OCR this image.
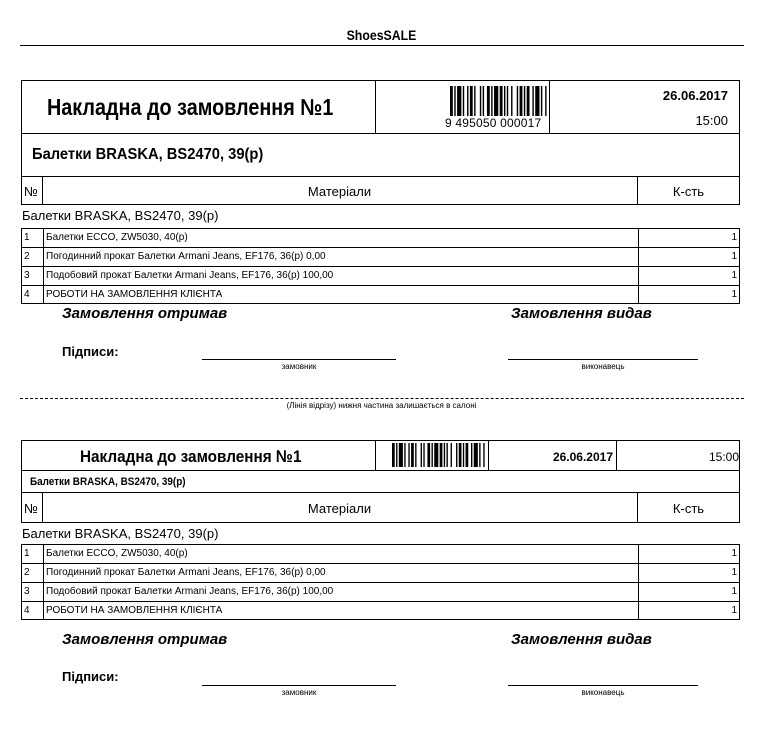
ShoesSALE
Накладна до замовлення №1
9 495050 000017
26.06.2017
15:00
Балетки BRASKA, BS2470, 39(р)
№	Матеріали	К-сть
Балетки BRASKA, BS2470, 39(р)
1 Балетки ECCO, ZW5030, 40(р)	1
2 Погодинний прокат Балетки Armani Jeans, EF176, 36(р) 0,00	1
3 Подобовий прокат Балетки Armani Jeans, EF176, 36(р) 100,00	1
4 РОБОТИ НА ЗАМОВЛЕННЯ КЛІЄНТА	1
Замовлення отримав	Замовлення видав
Підписи:
замовник	виконавець
(Лінія відрізу) нижня частина залишається в салоні
Накладна до замовлення №1	26.06.2017	15:00
Балетки BRASKA, BS2470, 39(р)
№	Матеріали	К-сть
Балетки BRASKA, BS2470, 39(р)
1 Балетки ECCO, ZW5030, 40(р)	1
2 Погодинний прокат Балетки Armani Jeans, EF176, 36(р) 0,00	1
3 Подобовий прокат Балетки Armani Jeans, EF176, 36(р) 100,00	1
4 РОБОТИ НА ЗАМОВЛЕННЯ КЛІЄНТА	1
Замовлення отримав	Замовлення видав
Підписи:
замовник	виконавець
